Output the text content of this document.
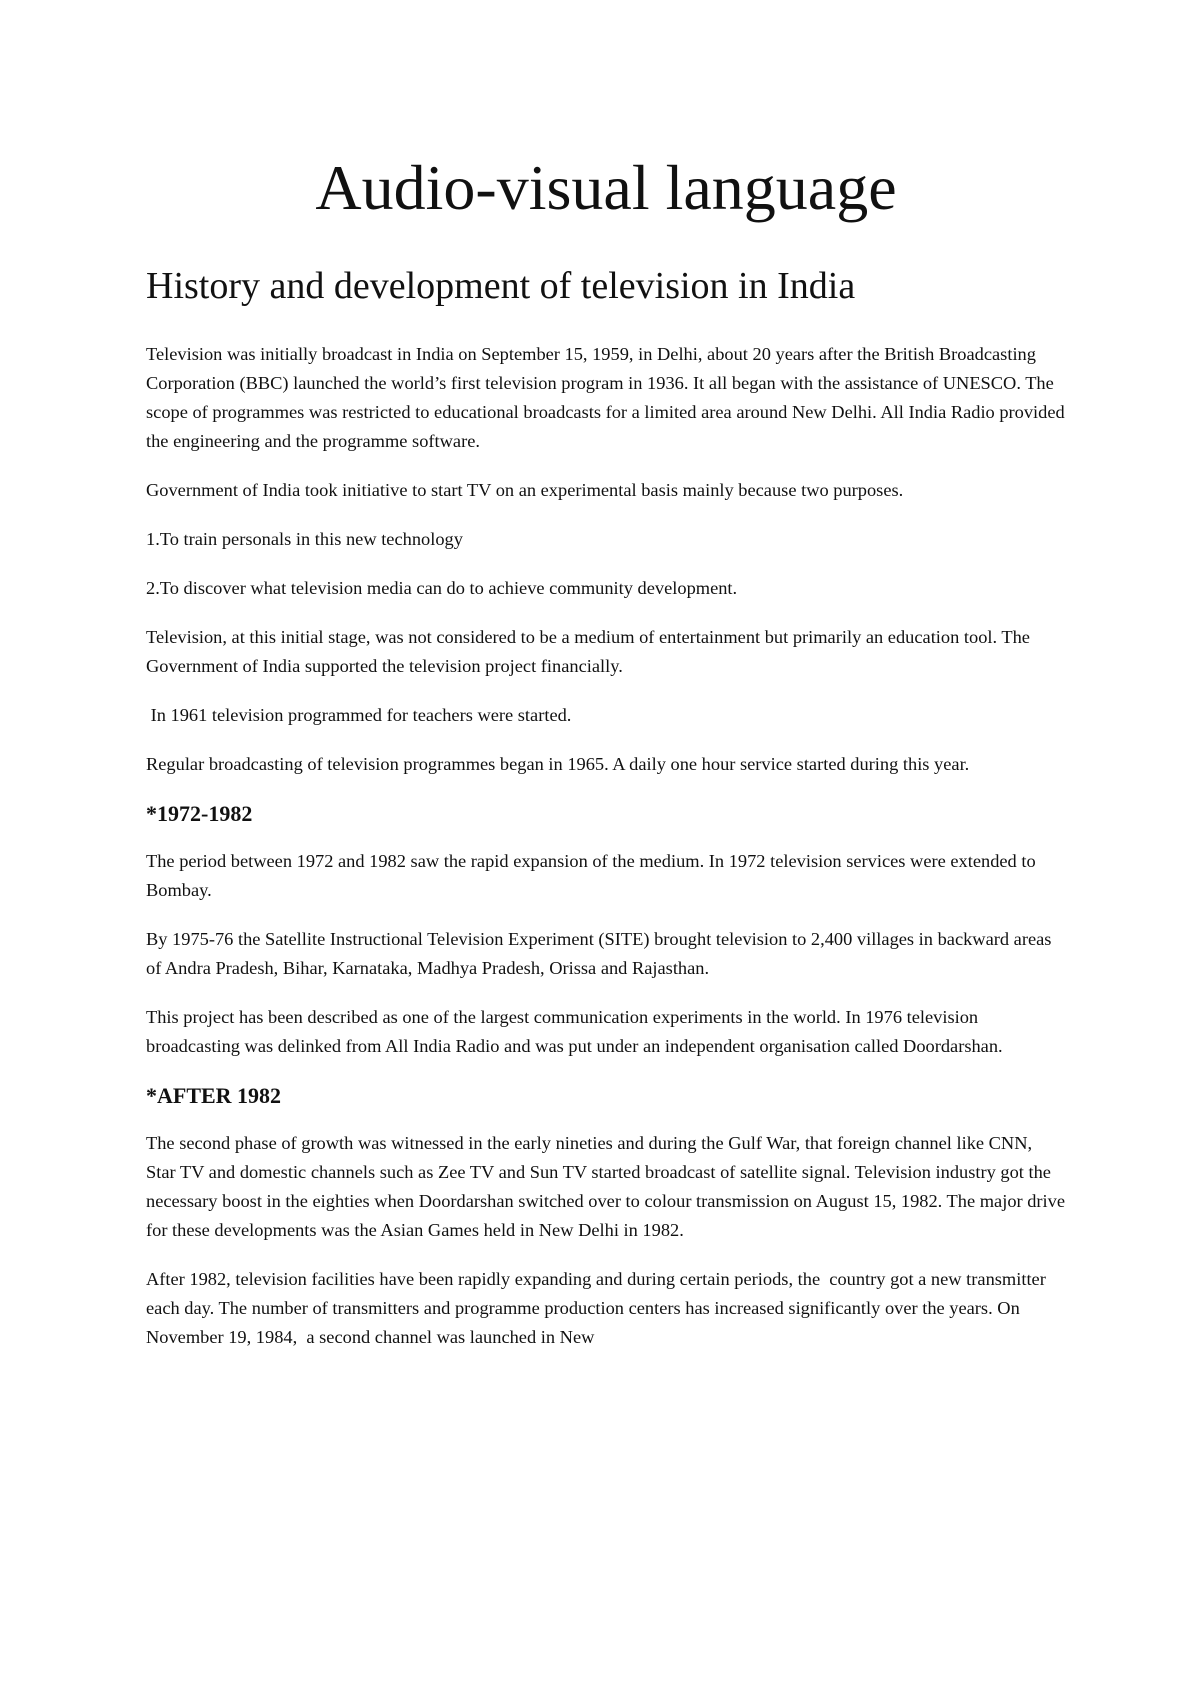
Audio-visual language
History and development of television in India

Television was initially broadcast in India on September 15, 1959, in Delhi, about 20 years after the British Broadcasting Corporation (BBC) launched the world’s first television program in 1936. It all began with the assistance of UNESCO. The scope of programmes was restricted to educational broadcasts for a limited area around New Delhi. All India Radio provided the engineering and the programme software.

Government of India took initiative to start TV on an experimental basis mainly because two purposes.

1.To train personals in this new technology

2.To discover what television media can do to achieve community development.

Television, at this initial stage, was not considered to be a medium of entertainment but primarily an education tool. The Government of India supported the television project financially.

In 1961 television programmed for teachers were started.

Regular broadcasting of television programmes began in 1965. A daily one hour service started during this year.

*1972-1982

The period between 1972 and 1982 saw the rapid expansion of the medium. In 1972 television services were extended to Bombay.

By 1975-76 the Satellite Instructional Television Experiment (SITE) brought television to 2,400 villages in backward areas of Andra Pradesh, Bihar, Karnataka, Madhya Pradesh, Orissa and Rajasthan.

This project has been described as one of the largest communication experiments in the world. In 1976 television broadcasting was delinked from All India Radio and was put under an independent organisation called Doordarshan.

*AFTER 1982

The second phase of growth was witnessed in the early nineties and during the Gulf War, that foreign channel like CNN, Star TV and domestic channels such as Zee TV and Sun TV started broadcast of satellite signal. Television industry got the necessary boost in the eighties when Doordarshan switched over to colour transmission on August 15, 1982. The major drive for these developments was the Asian Games held in New Delhi in 1982.

After 1982, television facilities have been rapidly expanding and during certain periods, the  country got a new transmitter each day. The number of transmitters and programme production centers has increased significantly over the years. On November 19, 1984,  a second channel was launched in New
